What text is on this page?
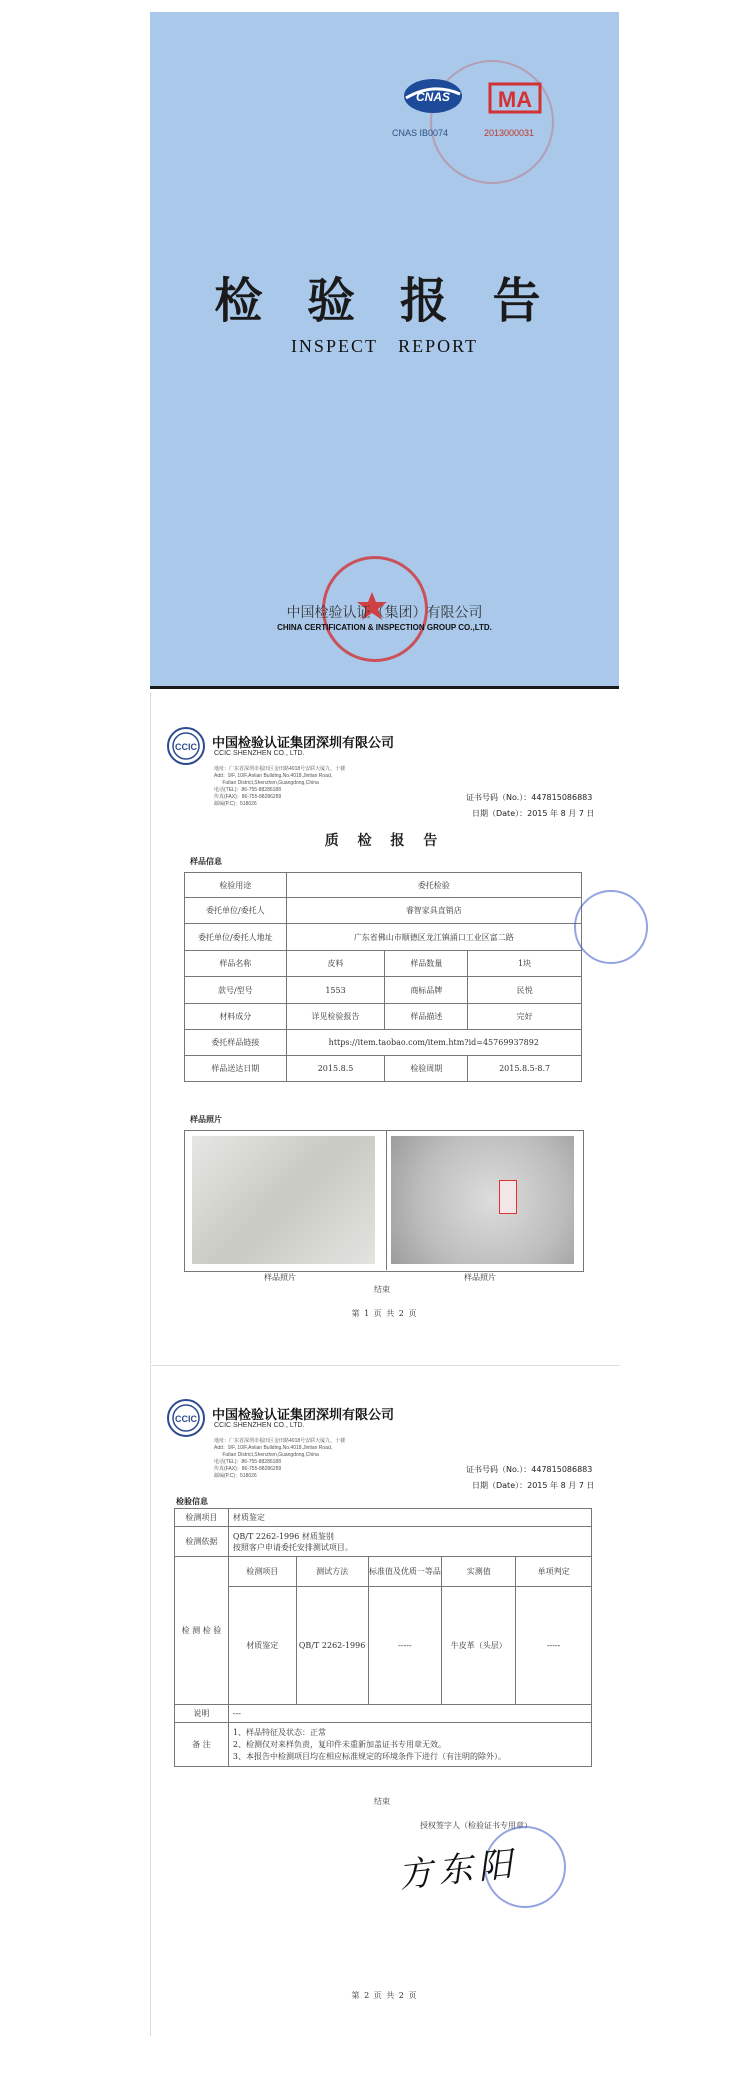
CNAS
CNAS IB0074
MA
2013000031
检 验 报 告
INSPECT REPORT
中国检验认证（集团）有限公司
CHINA CERTIFICATION & INSPECTION GROUP CO.,LTD.
CCIC 中国检验认证集团深圳有限公司
CCIC SHENZHEN CO., LTD.
地址：广东省深圳市福田区金田路4018号安联大厦九、十楼
Add：9/F, 10/F,Anlian Building,No.4018,Jintian Road,
Futian District,Shenzhen,Guangdong,China
电话(TEL)：86-755-88286188
传真(FAX)：86-755-88286289
邮编(P.C)：518026
证书号码（No.）：447815086883
日期（Date）：2015 年 8 月 7 日
质 检 报 告
样品信息
检验用途	委托检验		
委托单位/委托人	睿智家具直销店		
委托单位/委托人地址	广东省佛山市顺德区龙江镇涌口工业区富二路		
样品名称	皮料	样品数量	1块
款号/型号	1553	商标品牌	民悦
材料成分	详见检验报告	样品描述	完好
委托样品链接	https://item.taobao.com/item.htm?id=45769937892		
样品送达日期	2015.8.5	检验周期	2015.8.5-8.7
样品照片
样品照片	样品照片
结束
第 1 页 共 2 页
CCIC 中国检验认证集团深圳有限公司
CCIC SHENZHEN CO., LTD.
地址：广东省深圳市福田区金田路4018号安联大厦九、十楼
Add：9/F, 10/F,Anlian Building,No.4018,Jintian Road,
Futian District,Shenzhen,Guangdong,China
电话(TEL)：86-755-88286188
传真(FAX)：86-755-88286289
邮编(P.C)：518026
证书号码（No.）：447815086883
日期（Date）：2015 年 8 月 7 日
检验信息
检测项目	材质鉴定				
检测依据	QB/T 2262-1996 材质鉴别
按照客户申请委托安排测试项目。				
检 测 检 验	检测项目	测试方法	标准值及优质一等品	实测值	单项判定
	材质鉴定	QB/T 2262-1996	-----	牛皮革（头层）	-----
说明	---				
备 注	1、样品特征及状态：正常
2、检测仅对来样负责，复印件未重新加盖证书专用章无效。
3、本报告中检测项目均在相应标准规定的环境条件下进行（有注明的除外）。				
结束
授权签字人（检验证书专用章）
方东阳
第 2 页 共 2 页
